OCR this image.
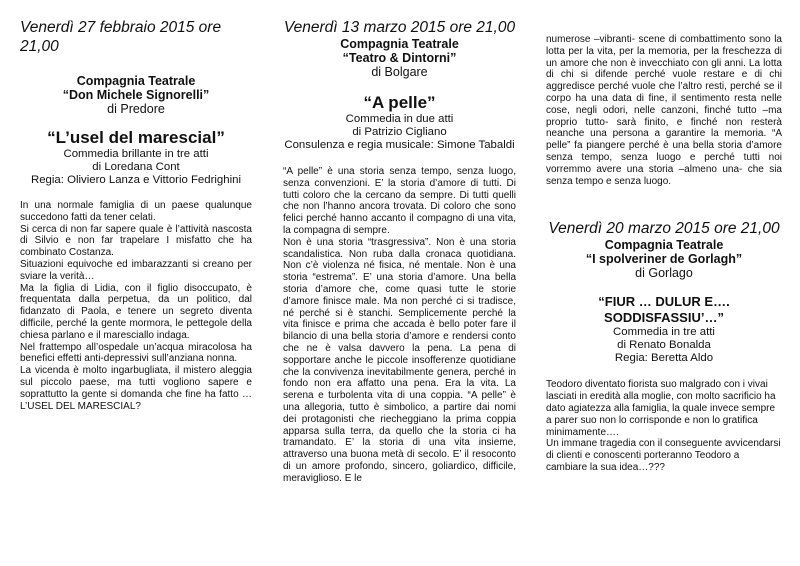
Venerdì 27 febbraio 2015 ore 21,00
Compagnia Teatrale
“Don Michele Signorelli”
di Predore
“L’usel del marescial”
Commedia brillante in tre atti
di Loredana Cont
Regia: Oliviero Lanza e Vittorio Fedrighini

In una normale famiglia di un paese qualunque succedono fatti da tener celati.

Si cerca di non far sapere quale è l’attività nascosta di Silvio e non far trapelare I misfatto che ha combinato Costanza.

Situazioni equivoche ed imbarazzanti si creano per sviare la verità…

Ma la figlia di Lidia, con il figlio disoccupato, è frequentata dalla perpetua, da un politico, dal fidanzato di Paola, e tenere un segreto diventa difficile, perché la gente mormora, le pettegole della chiesa parlano e il maresciallo indaga.

Nel frattempo all’ospedale un’acqua miracolosa ha benefici effetti anti-depressivi sull’anziana nonna.

La vicenda è molto ingarbugliata, il mistero aleggia sul piccolo paese, ma tutti vogliono sapere e soprattutto la gente si domanda che fine ha fatto …L’USEL DEL MARESCIAL?

Venerdì 13 marzo 2015 ore 21,00
Compagnia Teatrale
“Teatro & Dintorni”
di Bolgare
“A pelle”
Commedia in due atti
di Patrizio Cigliano
Consulenza e regia musicale: Simone Tabaldi

“A pelle” è una storia senza tempo, senza luogo, senza convenzioni. E’ la storia d’amore di tutti. Di tutti coloro che la cercano da sempre. Di tutti quelli che non l’hanno ancora trovata. Di coloro che sono felici perché hanno accanto il compagno di una vita, la compagna di sempre.

Non è una storia “trasgressiva”. Non è una storia scandalistica. Non ruba dalla cronaca quotidiana. Non c’è violenza né fisica, né mentale. Non è una storia “estrema”. E’ una storia d’amore. Una bella storia d’amore che, come quasi tutte le storie d’amore finisce male. Ma non perché ci si tradisce, né perché si è stanchi. Semplicemente perché la vita finisce e prima che accada è bello poter fare il bilancio di una bella storia d’amore e rendersi conto che ne è valsa davvero la pena. La pena di sopportare anche le piccole insofferenze quotidiane che la convivenza inevitabilmente genera, perché in fondo non era affatto una pena. Era la vita. La serena e turbolenta vita di una coppia. “A pelle” è una allegoria, tutto è simbolico, a partire dai nomi dei protagonisti che riecheggiano la prima coppia apparsa sulla terra, da quello che la storia ci ha tramandato. E’ la storia di una vita insieme, attraverso una buona metà di secolo. E’ il resoconto di un amore profondo, sincero, goliardico, difficile, meraviglioso. E le

numerose –vibranti- scene di combattimento sono la lotta per la vita, per la memoria, per la freschezza di un amore che non è invecchiato con gli anni. La lotta di chi si difende perché vuole restare e di chi aggredisce perché vuole che l’altro resti, perché se il corpo ha una data di fine, il sentimento resta nelle cose, negli odori, nelle canzoni, finché tutto –ma proprio tutto- sarà finito, e finché non resterà neanche una persona a garantire la memoria. “A pelle” fa piangere perché è una bella storia d’amore senza tempo, senza luogo e perché tutti noi vorremmo avere una storia –almeno una- che sia senza tempo e senza luogo.

Venerdì 20 marzo 2015 ore 21,00
Compagnia Teatrale
“I spolveriner de Gorlagh”
di Gorlago
“FIUR … DULUR E….
SODDISFASSIU’…”
Commedia in tre atti
di Renato Bonalda
Regia: Beretta Aldo

Teodoro diventato fiorista suo malgrado con i vivai lasciati in eredità alla moglie, con molto sacrificio ha dato agiatezza alla famiglia, la quale invece sempre a parer suo non lo corrisponde e non lo gratifica minimamente….

Un immane tragedia con il conseguente avvicendarsi di clienti e conoscenti porteranno Teodoro a cambiare la sua idea…???
